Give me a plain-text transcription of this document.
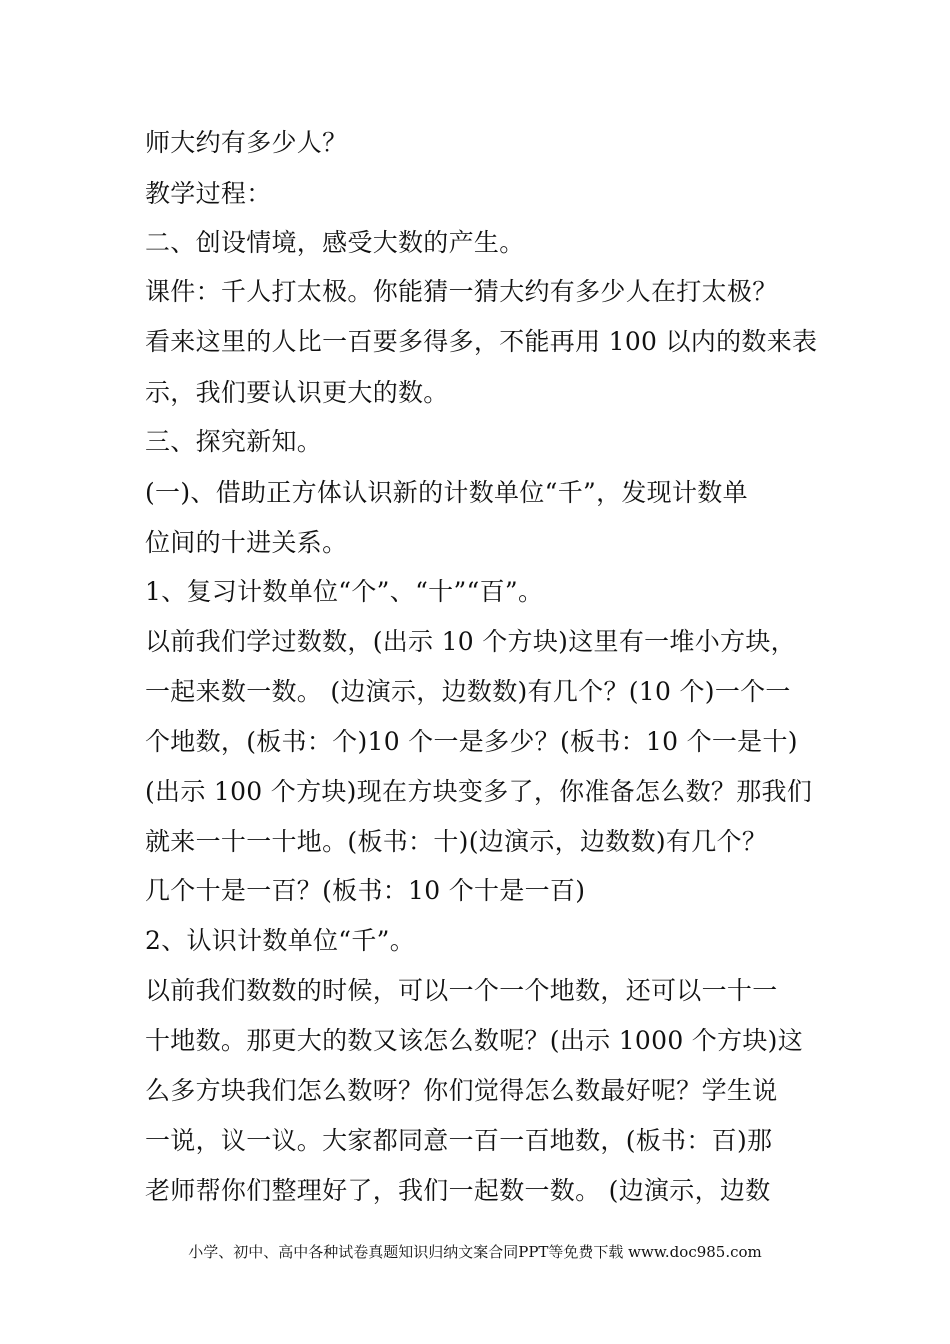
师大约有多少人？
教学过程：
二、创设情境，感受大数的产生。
课件：千人打太极。你能猜一猜大约有多少人在打太极？
看来这里的人比一百要多得多，不能再用 100 以内的数来表
示，我们要认识更大的数。
三、探究新知。
(一)、借助正方体认识新的计数单位“千”，发现计数单
位间的十进关系。
1、复习计数单位“个”、“十”“百”。
以前我们学过数数，(出示 10 个方块)这里有一堆小方块，
一起来数一数。 (边演示，边数数)有几个？(10 个)一个一
个地数，(板书：个)10 个一是多少？(板书：10 个一是十)
(出示 100 个方块)现在方块变多了，你准备怎么数？那我们
就来一十一十地。(板书：十)(边演示，边数数)有几个？
几个十是一百？(板书：10 个十是一百)
2、认识计数单位“千”。
以前我们数数的时候，可以一个一个地数，还可以一十一
十地数。那更大的数又该怎么数呢？(出示 1000 个方块)这
么多方块我们怎么数呀？你们觉得怎么数最好呢？学生说
一说，议一议。大家都同意一百一百地数，(板书：百)那
老师帮你们整理好了，我们一起数一数。 (边演示，边数
小学、初中、高中各种试卷真题知识归纳文案合同PPT等免费下载 www.doc985.com
